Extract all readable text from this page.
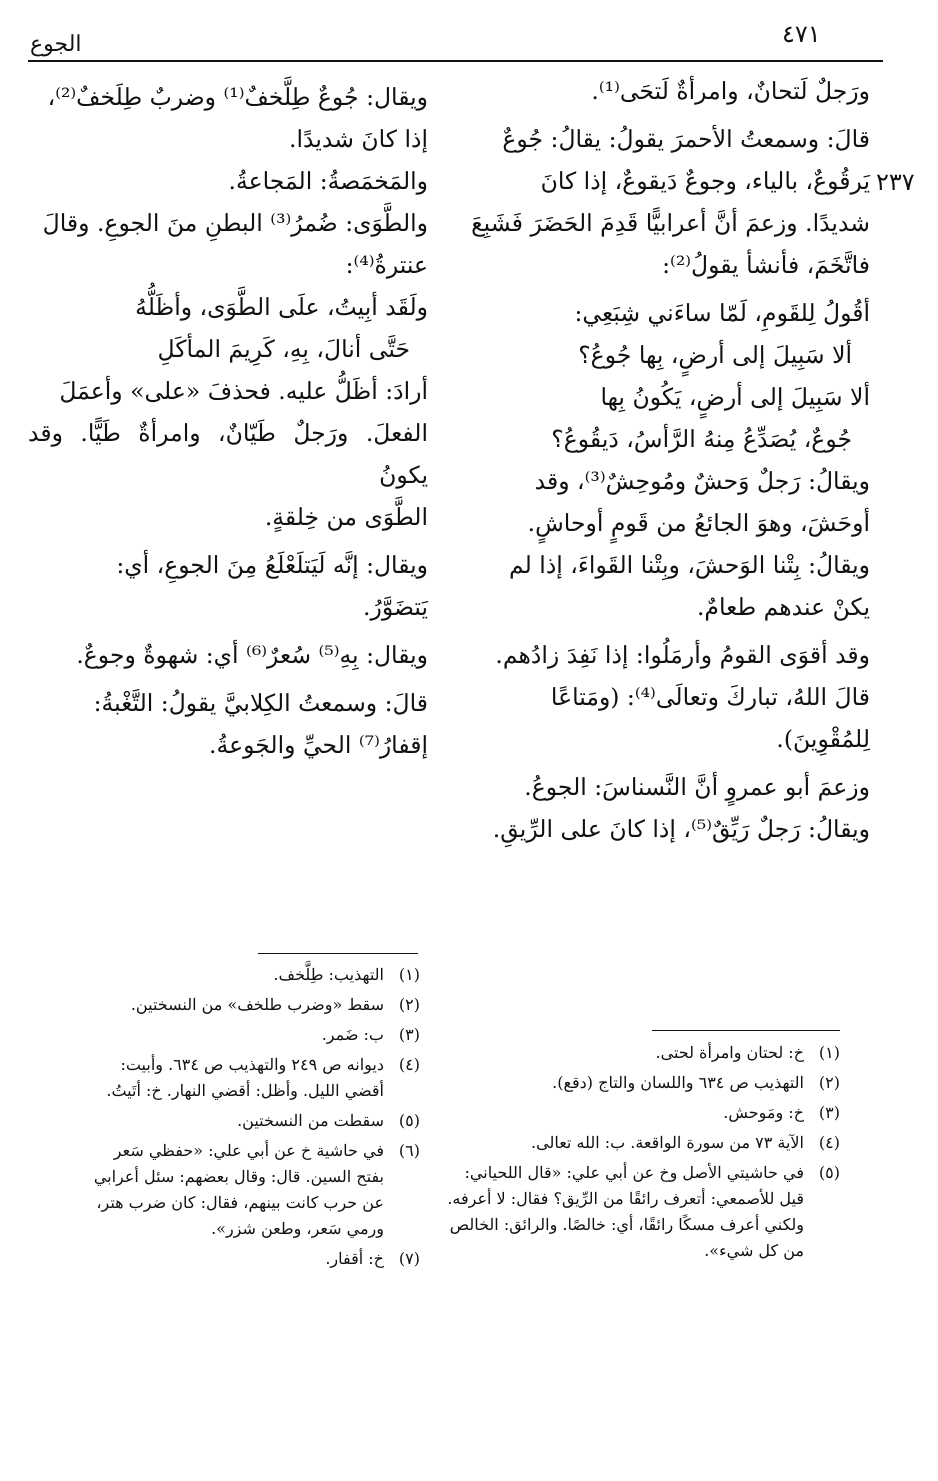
٤٧١
الجوع
٢٣٧

ورَجلٌ لَتحانٌ، وامرأةٌ لَتحَى⁽¹⁾.

قالَ: وسمعتُ الأحمرَ يقولُ: يقالُ: جُوعٌ

يَرقُوعٌ، بالياء، وجوعٌ دَيقوعٌ، إذا كانَ

شديدًا. وزعمَ أنَّ أعرابيًّا قَدِمَ الحَضَرَ فَشَبِعَ

فاتَّخَمَ، فأنشأ يقولُ⁽²⁾:

أقُولُ لِلقَومِ، لَمّا ساءَني شِبَعِي:

ألا سَبِيلَ إلى أرضٍ، بِها جُوعُ؟

ألا سَبِيلَ إلى أرضٍ، يَكُونُ بِها

جُوعٌ، يُصَدِّعُ مِنهُ الرَّأسُ، دَيقُوعُ؟

ويقالُ: رَجلٌ وَحشٌ ومُوحِشٌ⁽³⁾، وقد

أوحَشَ، وهوَ الجائعُ من قَومٍ أوحاشٍ.

ويقالُ: بِتْنا الوَحشَ، وبِتْنا القَواءَ، إذا لم

يكنْ عندهم طعامٌ.

وقد أقوَى القومُ وأرمَلُوا: إذا نَفِدَ زادُهم.

قالَ اللهُ، تباركَ وتعالَى⁽⁴⁾: (ومَتاعًا

لِلمُقْوِينَ).

وزعمَ أبو عمروٍ أنَّ النَّسناسَ: الجوعُ.

ويقالُ: رَجلٌ رَيِّقٌ⁽⁵⁾، إذا كانَ على الرِّيقِ.

ويقال: جُوعٌ طِلَّخفٌ⁽¹⁾ وضربٌ طِلَخفٌ⁽²⁾،

إذا كانَ شديدًا.

والمَخمَصةُ: المَجاعةُ.

والطَّوَى: ضُمرُ⁽³⁾ البطنِ منَ الجوعِ. وقالَ

عنترةُ⁽⁴⁾:

ولَقَد أبِيتُ، علَى الطَّوَى، وأظَلُّهُ

حَتَّى أنالَ، بِهِ، كَرِيمَ المأكَلِ

أرادَ: أظَلُّ عليه. فحذفَ «على» وأعمَلَ

الفعلَ. ورَجلٌ طَيّانٌ، وامرأةٌ طَيًّا. وقد يكونُ

الطَّوَى من خِلقةٍ.

ويقال: إنَّه لَيَتلَعْلَعُ مِنَ الجوعِ، أي:

يَتضَوَّرُ.

ويقال: بِهِ⁽⁵⁾ سُعرٌ⁽⁶⁾ أي: شهوةٌ وجوعٌ.

قالَ: وسمعتُ الكِلابيَّ يقولُ: التَّغْبةُ:

إقفارُ⁽⁷⁾ الحيِّ والجَوعةُ.

(١)
التهذيب: طِلَّخف.
(٢)
سقط «وضرب طلخف» من النسختين.
(٣)
ب: ضَمر.
(٤)
ديوانه ص ٢٤٩ والتهذيب ص ٦٣٤. وأبيت: أقضي الليل. وأظل: أقضي النهار. خ: أتَيتُ.
(٥)
سقطت من النسختين.
(٦)
في حاشية خ عن أبي علي: «حفظي سَعر بفتح السين. قال: وقال بعضهم: سئل أعرابي عن حرب كانت بينهم، فقال: كان ضرب هتر، ورمي سَعر، وطعن شزر».
(٧)
خ: أقفار.
(١)
خ: لحتان وامرأة لحتى.
(٢)
التهذيب ص ٦٣٤ واللسان والتاج (دقع).
(٣)
خ: ومَوحش.
(٤)
الآية ٧٣ من سورة الواقعة. ب: الله تعالى.
(٥)
في حاشيتي الأصل وخ عن أبي علي: «قال اللحياني: قيل للأصمعي: أتعرف رائقًا من الرِّيق؟ فقال: لا أعرفه. ولكني أعرف مسكًا رائقًا، أي: خالصًا. والرائق: الخالص من كل شيء».
